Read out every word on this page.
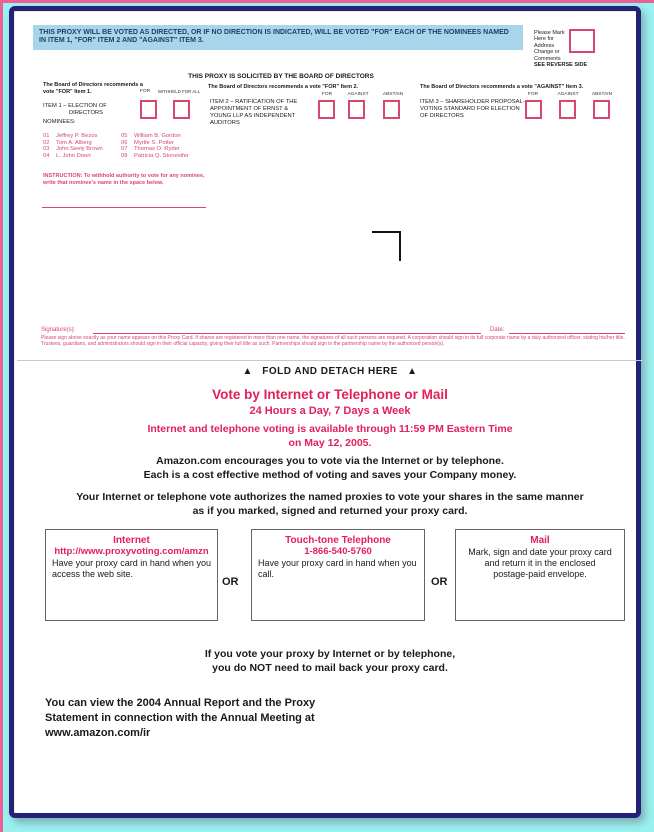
THIS PROXY WILL BE VOTED AS DIRECTED, OR IF NO DIRECTION IS INDICATED, WILL BE VOTED "FOR" EACH OF THE NOMINEES NAMED IN ITEM 1, "FOR" ITEM 2 AND "AGAINST" ITEM 3.
Please Mark Here for Address Change or Comments
SEE REVERSE SIDE
THIS PROXY IS SOLICITED BY THE BOARD OF DIRECTORS
The Board of Directors recommends a vote "FOR" Item 1.	FOR	WITHHELD FOR ALL
ITEM 1 – ELECTION OF
DIRECTORS
NOMINEES:
01	Jeffrey P. Bezos
02	Tom A. Alberg
03	John Seely Brown
04	L. John Doerr
05	William B. Gordon
06	Myrtle S. Potter
07	Thomas O. Ryder
08	Patricia Q. Stonesifer
INSTRUCTION: To withhold authority to vote for any nominee, write that nominee's name in the space below.
The Board of Directors recommends a vote "FOR" Item 2.
ITEM 2 – RATIFICATION OF THE APPOINTMENT OF ERNST & YOUNG LLP AS INDEPENDENT AUDITORS
FOR	AGAINST	ABSTAIN
The Board of Directors recommends a vote "AGAINST" Item 3.
ITEM 3 – SHAREHOLDER PROPOSAL- VOTING STANDARD FOR ELECTION OF DIRECTORS
FOR	AGAINST	ABSTAIN
Signature(s):	Date:
Please sign above exactly as your name appears on this Proxy Card. If shares are registered in more than one name, the signatures of all such persons are required. A corporation should sign in its full corporate name by a duly authorized officer, stating his/her title. Trustees, guardians, and administrators should sign in their official capacity, giving their full title as such. Partnerships should sign in the partnership name by the authorized person(s).
▲ FOLD AND DETACH HERE ▲
Vote by Internet or Telephone or Mail
24 Hours a Day, 7 Days a Week
Internet and telephone voting is available through 11:59 PM Eastern Time
on May 12, 2005.
Amazon.com encourages you to vote via the Internet or by telephone.
Each is a cost effective method of voting and saves your Company money.
Your Internet or telephone vote authorizes the named proxies to vote your shares in the same manner
as if you marked, signed and returned your proxy card.
Internet
http://www.proxyvoting.com/amzn
Have your proxy card in hand when you access the web site.
OR
Touch-tone Telephone
1-866-540-5760
Have your proxy card in hand when you call.
OR
Mail
Mark, sign and date your proxy card and return it in the enclosed postage-paid envelope.
If you vote your proxy by Internet or by telephone,
you do NOT need to mail back your proxy card.
You can view the 2004 Annual Report and the Proxy
Statement in connection with the Annual Meeting at
www.amazon.com/ir
